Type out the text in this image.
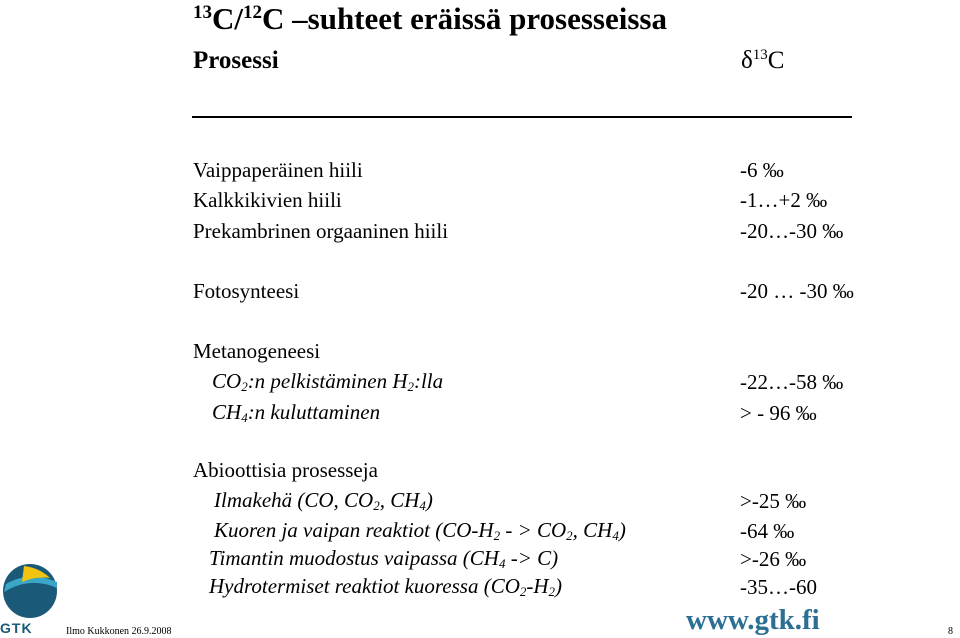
$^{13}$C/$^{12}$C –suhteet eräissä prosesseissa
Prosessi	$\delta^{13}C$
Vaippaperäinen hiili	-6 ‰
Kalkkikivien hiili	-1…+2 ‰
Prekambrinen orgaaninen hiili	-20…-30 ‰
Fotosynteesi	-20 … -30 ‰
Metanogeneesi
$CO_2:n$ pelkistäminen $H_2:lla$	-22…-58 ‰
$CH_4:n$ kuluttaminen	> - 96 ‰
Abioottisia prosesseja
Ilmakehä (CO, $CO_2$, $CH_4$)	>-25 ‰
Kuoren ja vaipan reaktiot ($CO-H_2$ - > $CO_2$, $CH_4$)	-64 ‰
Timantin muodostus vaipassa $(CH_4 -> C)$	>-26 ‰
Hydrotermiset reaktiot kuoressa $(CO_2-H_2)$	-35…-60
GTK	Ilmo Kukkonen 26.9.2008	www.gtk.fi	8
